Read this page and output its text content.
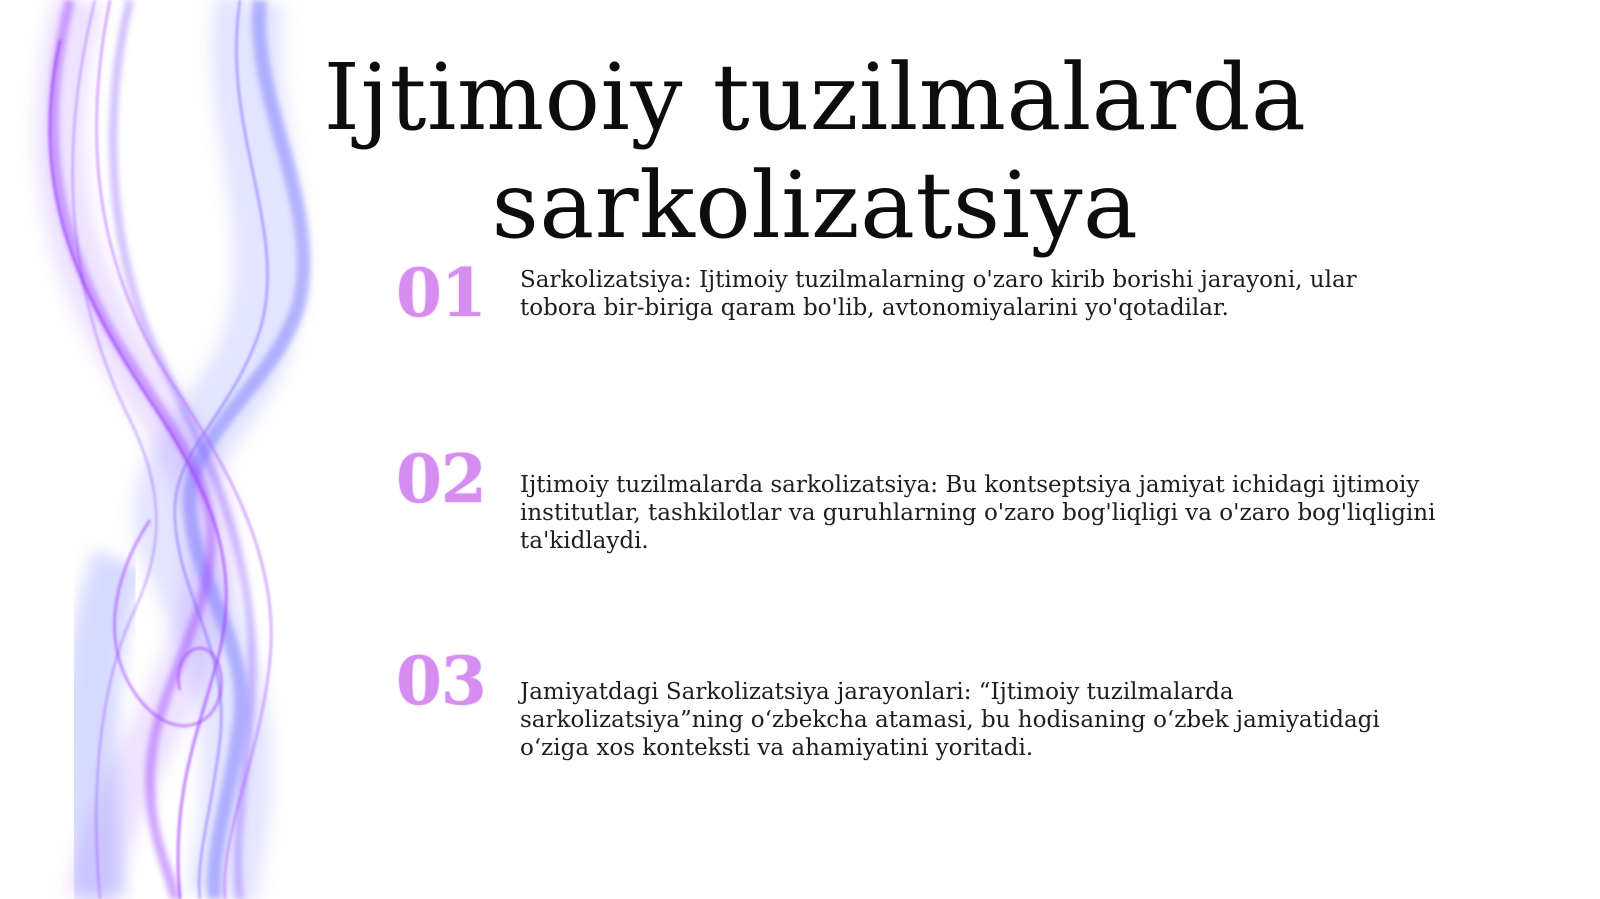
Ijtimoiy tuzilmalarda sarkolizatsiya
01	Sarkolizatsiya: Ijtimoiy tuzilmalarning o'zaro kirib borishi jarayoni, ular tobora bir-biriga qaram bo'lib, avtonomiyalarini yo'qotadilar.

02	Ijtimoiy tuzilmalarda sarkolizatsiya: Bu kontseptsiya jamiyat ichidagi ijtimoiy institutlar, tashkilotlar va guruhlarning o'zaro bog'liqligi va o'zaro bog'liqligini ta'kidlaydi.

03	Jamiyatdagi Sarkolizatsiya jarayonlari: “Ijtimoiy tuzilmalarda sarkolizatsiya”ning o‘zbekcha atamasi, bu hodisaning o‘zbek jamiyatidagi o‘ziga xos konteksti va ahamiyatini yoritadi.
